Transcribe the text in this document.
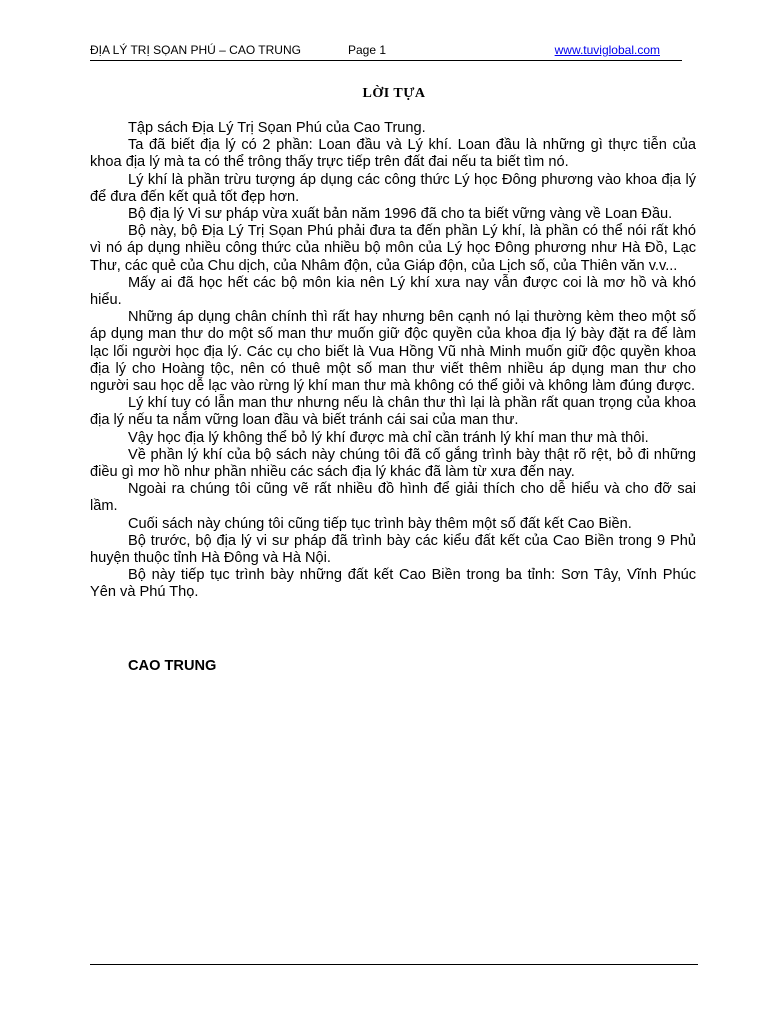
ĐỊA LÝ TRỊ SỌAN PHÚ – CAO TRUNG	Page 1	www.tuviglobal.com
LỜI TỰA

Tập sách Địa Lý Trị Sọan Phú của Cao Trung.

Ta đã biết địa lý có 2 phần: Loan đầu và Lý khí. Loan đầu là những gì thực tiễn của khoa địa lý mà ta có thể trông thấy trực tiếp trên đất đai nếu ta biết tìm nó.

Lý khí là phần trừu tượng áp dụng các công thức Lý học Đông phương vào khoa địa lý để đưa đến kết quả tốt đẹp hơn.

Bộ địa lý Vi sư pháp vừa xuất bản năm 1996 đã cho ta biết vững vàng về Loan Đầu.

Bộ này, bộ Địa Lý Trị Sọan Phú phải đưa ta đến phần Lý khí, là phần có thể nói rất khó vì nó áp dụng nhiều công thức của nhiều bộ môn của Lý học Đông phương như Hà Đồ, Lạc Thư, các quẻ của Chu dịch, của Nhâm độn, của Giáp độn, của Lịch số, của Thiên văn v.v...

Mấy ai đã học hết các bộ môn kia nên Lý khí xưa nay vẫn được coi là mơ hồ và khó hiểu.

Những áp dụng chân chính thì rất hay nhưng bên cạnh nó lại thường kèm theo một số áp dụng man thư do một số man thư muốn giữ độc quyền của khoa địa lý bày đặt ra để làm lạc lối người học địa lý. Các cụ cho biết là Vua Hồng Vũ nhà Minh muốn giữ độc quyền khoa địa lý cho Hoàng tộc, nên có thuê một số man thư viết thêm nhiều áp dụng man thư cho người sau học dễ lạc vào rừng lý khí man thư mà không có thể giỏi và không làm đúng được.

Lý khí tuy có lẫn man thư nhưng nếu là chân thư thì lại là phần rất quan trọng của khoa địa lý nếu ta nắm vững loan đầu và biết tránh cái sai của man thư.

Vậy học địa lý không thể bỏ lý khí được mà chỉ cần tránh lý khí man thư mà thôi.

Về phần lý khí của bộ sách này chúng tôi đã cố gắng trình bày thật rõ rệt, bỏ đi những điều gì mơ hồ như phần nhiều các sách địa lý khác đã làm từ xưa đến nay.

Ngoài ra chúng tôi cũng vẽ rất nhiều đồ hình để giải thích cho dễ hiểu và cho đỡ sai lầm.

Cuối sách này chúng tôi cũng tiếp tục trình bày thêm một số đất kết Cao Biền.

Bộ trước, bộ địa lý vi sư pháp đã trình bày các kiểu đất kết của Cao Biền trong 9 Phủ huyện thuộc tỉnh Hà Đông và Hà Nội.

Bộ này tiếp tục trình bày những đất kết Cao Biền trong ba tỉnh: Sơn Tây, Vĩnh Phúc Yên và Phú Thọ.

CAO TRUNG
